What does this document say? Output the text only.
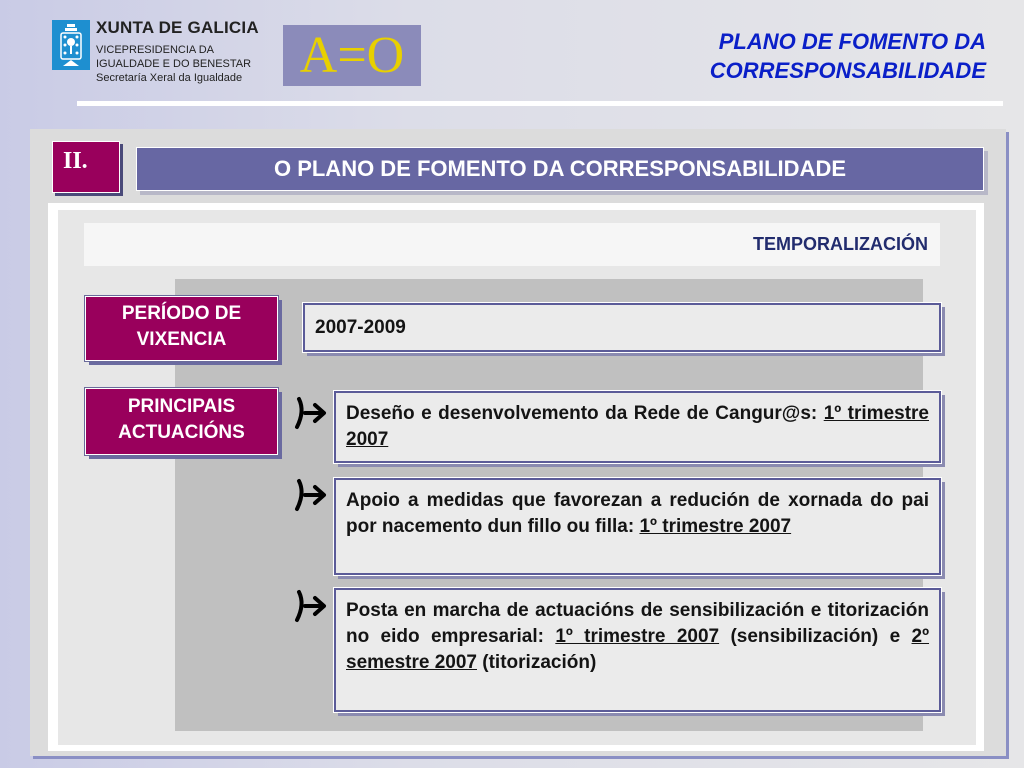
XUNTA DE GALICIA
VICEPRESIDENCIA DA
IGUALDADE E DO BENESTAR
Secretaría Xeral da Igualdade	A=O	PLANO DE FOMENTO DA
CORRESPONSABILIDADE
II.	O PLANO DE FOMENTO DA CORRESPONSABILIDADE
TEMPORALIZACIÓN
PERÍODO DE VIXENCIA
2007-2009
PRINCIPAIS ACTUACIÓNS
Deseño e desenvolvemento da Rede de Cangur@s: 1º trimestre 2007
Apoio a medidas que favorezan a redución de xornada do pai por nacemento dun fillo ou filla: 1º trimestre 2007
Posta en marcha de actuacións de sensibilización e titorización no eido empresarial: 1º trimestre 2007 (sensibilización) e 2º semestre 2007 (titorización)
